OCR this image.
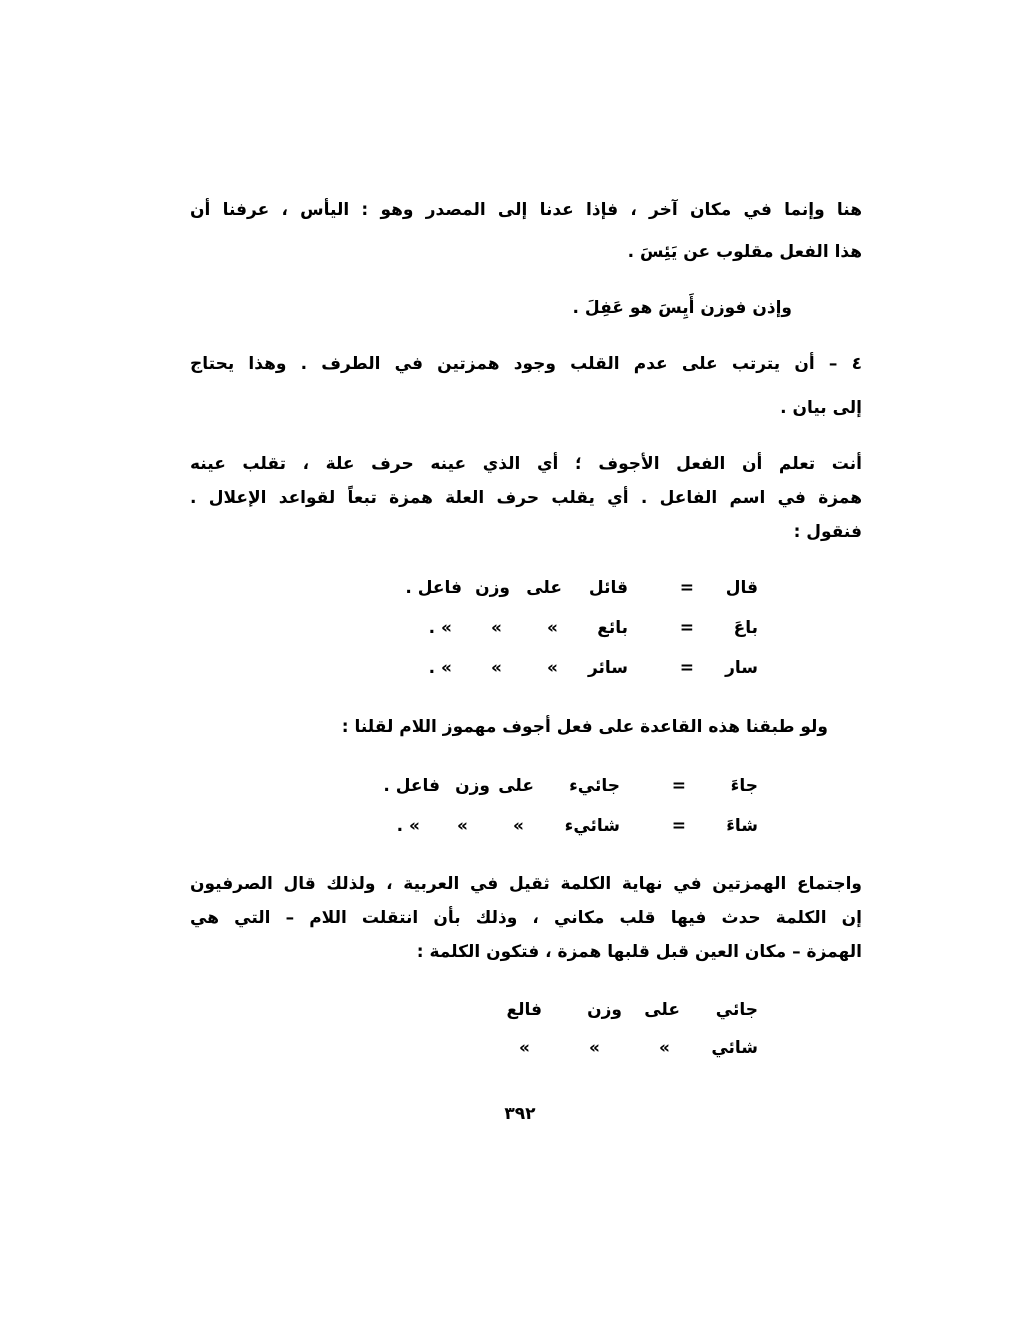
هنا وإنما في مكان آخر ، فإذا عدنا إلى المصدر وهو : اليأس ، عرفنا أن
هذا الفعل مقلوب عن يَئِسَ .
وإذن فوزن أَيِسَ هو عَفِلَ .
٤ – أن يترتب على عدم القلب وجود همزتين في الطرف . وهذا يحتاج
إلى بيان .
أنت تعلم أن الفعل الأجوف ؛ أي الذي عينه حرف علة ، تقلب عينه
همزة في اسم الفاعل . أي يقلب حرف العلة همزة تبعاً لقواعد الإعلال .
فنقول :
قال
=
قائل
على
وزن
فاعل .
باعَ
=
بائع
»
»
» .
سار
=
سائر
»
»
» .
ولو طبقنا هذه القاعدة على فعل أجوف مهموز اللام لقلنا :
جاءَ
=
جائيء
على
وزن
فاعل .
شاءَ
=
شائيء
»
»
» .
واجتماع الهمزتين في نهاية الكلمة ثقيل في العربية ، ولذلك قال الصرفيون
إن الكلمة حدث فيها قلب مكاني ، وذلك بأن انتقلت اللام – التي هي
الهمزة – مكان العين قبل قلبها همزة ، فتكون الكلمة :
جائي
على
وزن
فالع
شائي
»
»
»
٣٩٢
